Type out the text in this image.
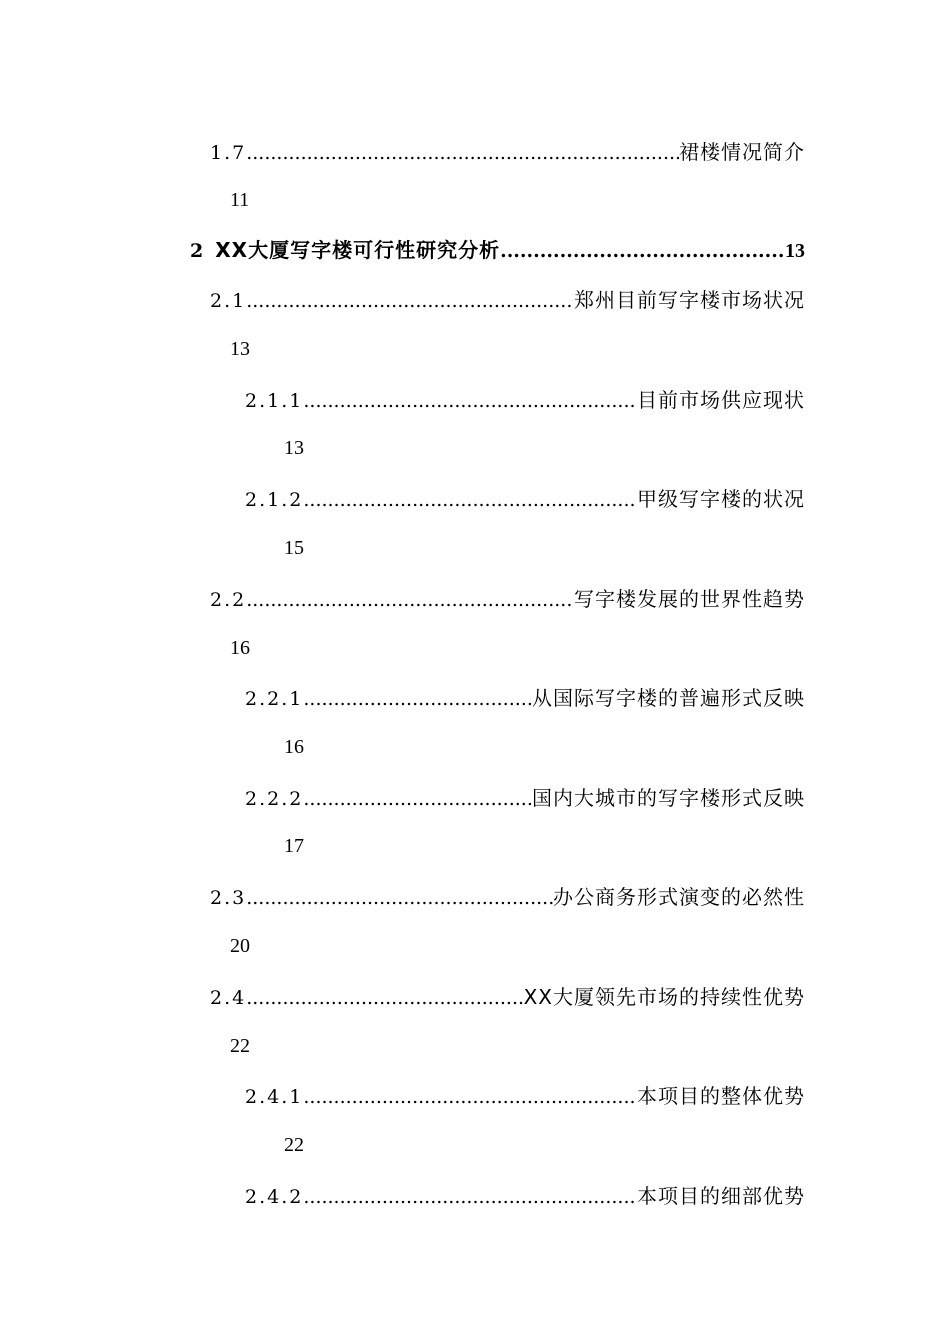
1.7 .....	裙楼情况简介
11
2 XX大厦写字楼可行性研究分析 .....	13
2.1 .....	郑州目前写字楼市场状况
13
2.1.1 .....	目前市场供应现状
13
2.1.2 .....	甲级写字楼的状况
15
2.2 .....	写字楼发展的世界性趋势
16
2.2.1 .....	从国际写字楼的普遍形式反映
16
2.2.2 .....	国内大城市的写字楼形式反映
17
2.3 .....	办公商务形式演变的必然性
20
2.4 .....	XX大厦领先市场的持续性优势
22
2.4.1 .....	本项目的整体优势
22
2.4.2 .....	本项目的细部优势
